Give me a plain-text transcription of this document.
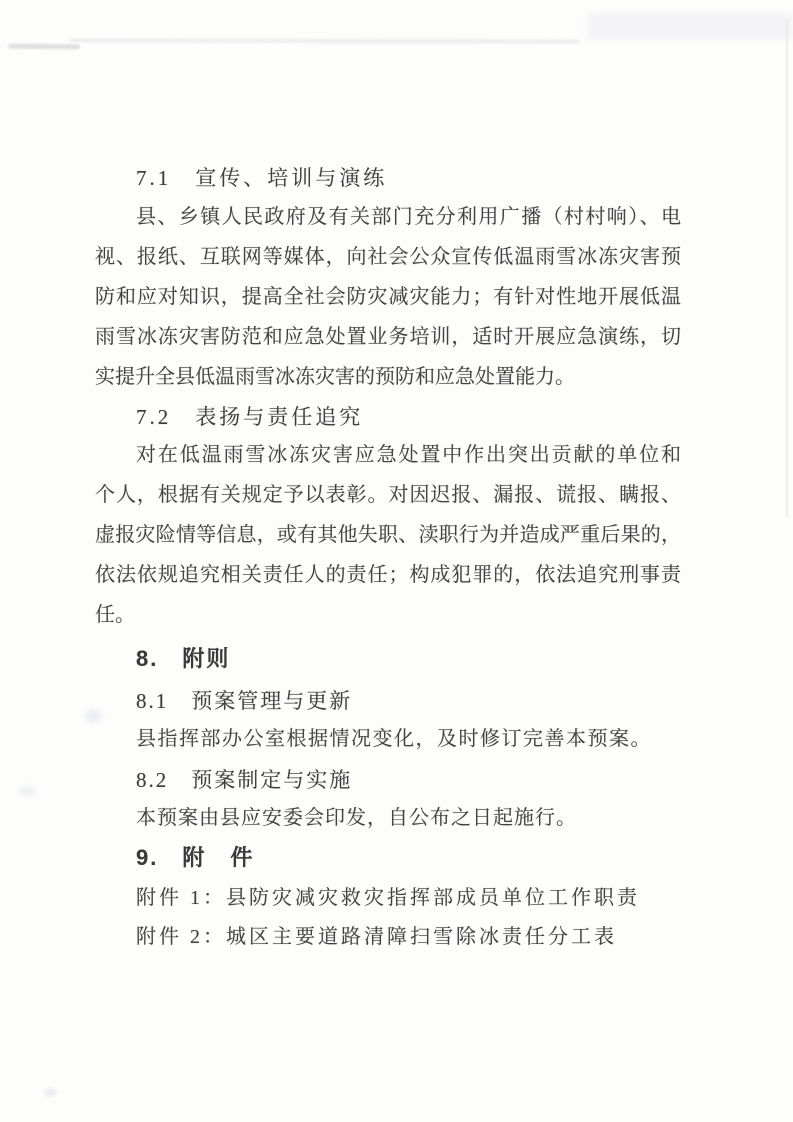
7.1　宣传、培训与演练
县、乡镇人民政府及有关部门充分利用广播（村村响）、电
视、报纸、互联网等媒体，向社会公众宣传低温雨雪冰冻灾害预
防和应对知识，提高全社会防灾减灾能力；有针对性地开展低温
雨雪冰冻灾害防范和应急处置业务培训，适时开展应急演练，切
实提升全县低温雨雪冰冻灾害的预防和应急处置能力。
7.2　表扬与责任追究
对在低温雨雪冰冻灾害应急处置中作出突出贡献的单位和
个人，根据有关规定予以表彰。对因迟报、漏报、谎报、瞒报、
虚报灾险情等信息，或有其他失职、渎职行为并造成严重后果的，
依法依规追究相关责任人的责任；构成犯罪的，依法追究刑事责
任。
8.　附则
8.1　预案管理与更新
县指挥部办公室根据情况变化，及时修订完善本预案。
8.2　预案制定与实施
本预案由县应安委会印发，自公布之日起施行。
9.　附　件
附件 1：县防灾减灾救灾指挥部成员单位工作职责
附件 2：城区主要道路清障扫雪除冰责任分工表
